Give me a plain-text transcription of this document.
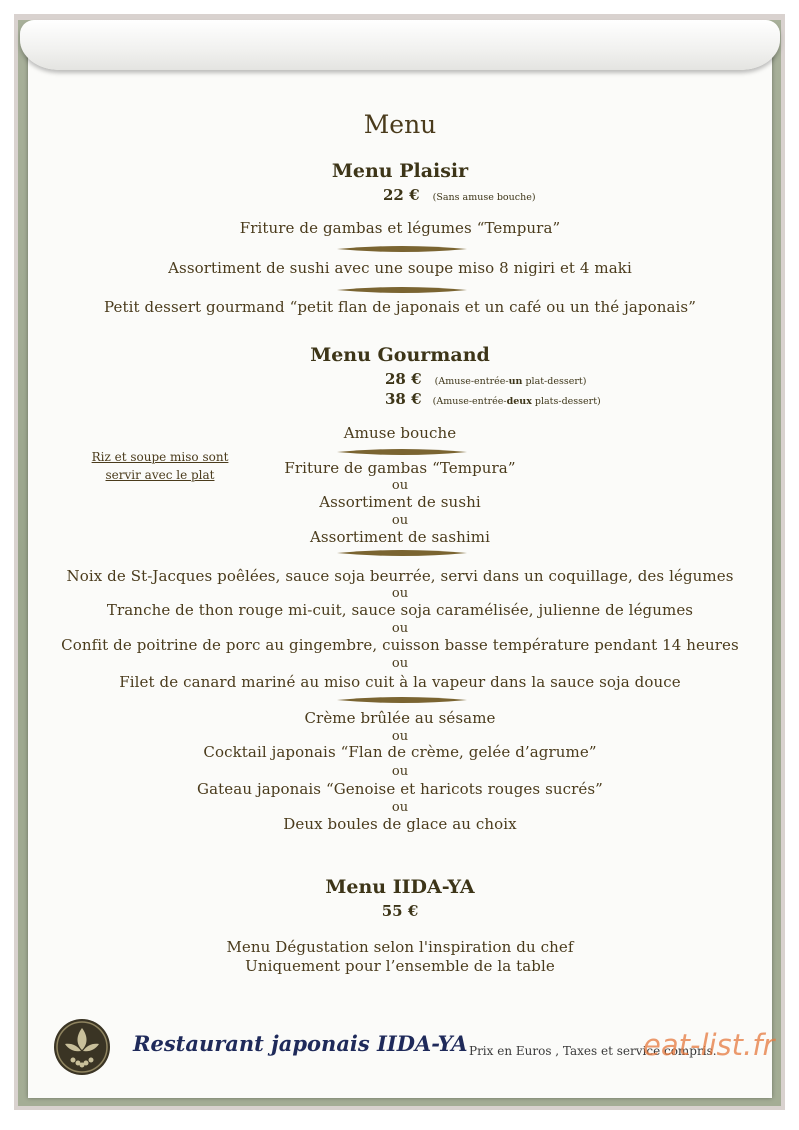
Menu
Menu Plaisir
22 € (Sans amuse bouche)
Friture de gambas et légumes “Tempura”
Assortiment de sushi avec une soupe miso 8 nigiri et 4 maki
Petit dessert gourmand “petit flan de japonais et un café ou un thé japonais”
Menu Gourmand
28 € (Amuse-entrée-un plat-dessert)
38 € (Amuse-entrée-deux plats-dessert)
Amuse bouche
Riz et soupe miso sont
servir avec le plat	Friture de gambas “Tempura”
ou
Assortiment de sushi
ou
Assortiment de sashimi
Noix de St-Jacques poêlées, sauce soja beurrée, servi dans un coquillage, des légumes
ou
Tranche de thon rouge mi-cuit, sauce soja caramélisée, julienne de légumes
ou
Confit de poitrine de porc au gingembre, cuisson basse température pendant 14 heures
ou
Filet de canard mariné au miso cuit à la vapeur dans la sauce soja douce
Crème brûlée au sésame
ou
Cocktail japonais “Flan de crème, gelée d’agrume”
ou
Gateau japonais “Genoise et haricots rouges sucrés”
ou
Deux boules de glace au choix
Menu IIDA-YA
55 €
Menu Dégustation selon l'inspiration du chef
Uniquement pour l’ensemble de la table
Restaurant japonais IIDA-YA Prix en Euros , Taxes et service compris.
eat-list.fr
